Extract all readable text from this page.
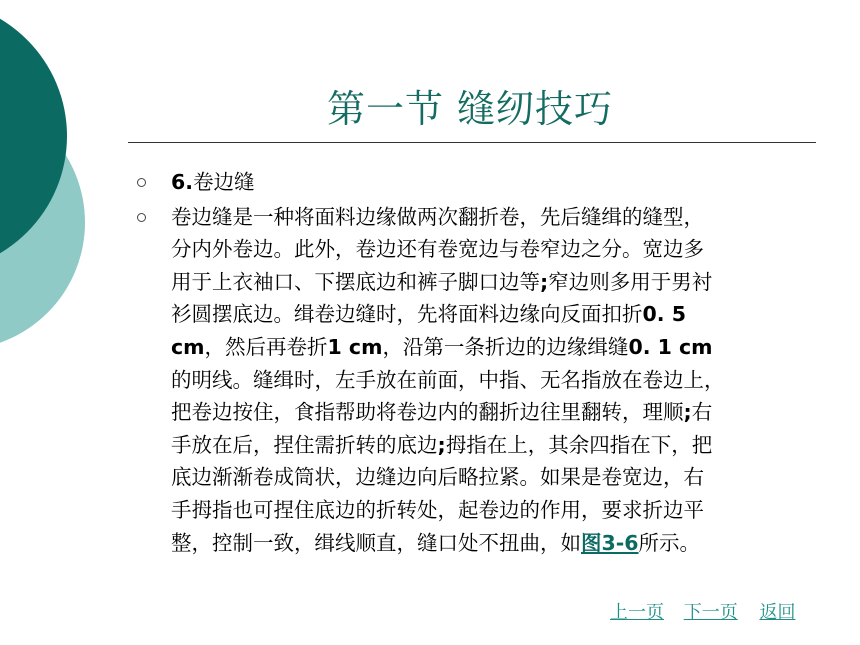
第一节 缝纫技巧
6.卷边缝
卷边缝是一种将面料边缘做两次翻折卷，先后缝缉的缝型，
分内外卷边。此外，卷边还有卷宽边与卷窄边之分。宽边多
用于上衣袖口、下摆底边和裤子脚口边等;窄边则多用于男衬
衫圆摆底边。缉卷边缝时，先将面料边缘向反面扣折0. 5
cm，然后再卷折1 cm，沿第一条折边的边缘缉缝0. 1 cm
的明线。缝缉时，左手放在前面，中指、无名指放在卷边上，
把卷边按住，食指帮助将卷边内的翻折边往里翻转，理顺;右
手放在后，捏住需折转的底边;拇指在上，其余四指在下，把
底边渐渐卷成筒状，边缝边向后略拉紧。如果是卷宽边，右
手拇指也可捏住底边的折转处，起卷边的作用，要求折边平
整，控制一致，缉线顺直，缝口处不扭曲，如图3-6所示。
上一页 下一页 返回
